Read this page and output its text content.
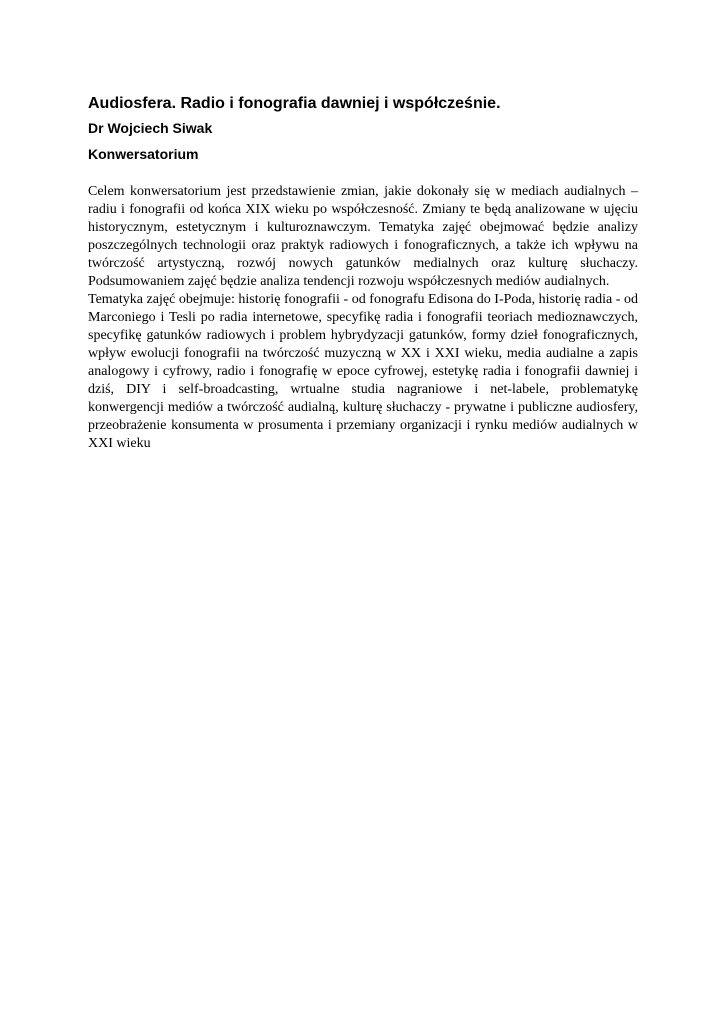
Audiosfera. Radio i fonografia dawniej i współcześnie.
Dr Wojciech Siwak
Konwersatorium

Celem konwersatorium jest przedstawienie zmian, jakie dokonały się w mediach audialnych – radiu i fonografii od końca XIX wieku po współczesność. Zmiany te będą analizowane w ujęciu historycznym, estetycznym i kulturoznawczym. Tematyka zajęć obejmować będzie analizy poszczególnych technologii oraz praktyk radiowych i fonograficznych, a także ich wpływu na twórczość artystyczną, rozwój nowych gatunków medialnych oraz kulturę słuchaczy. Podsumowaniem zajęć będzie analiza tendencji rozwoju współczesnych mediów audialnych.

Tematyka zajęć obejmuje: historię fonografii - od fonografu Edisona do I-Poda, historię radia - od Marconiego i Tesli po radia internetowe, specyfikę radia i fonografii teoriach medioznawczych, specyfikę gatunków radiowych i problem hybrydyzacji gatunków, formy dzieł fonograficznych, wpływ ewolucji fonografii na twórczość muzyczną w XX i XXI wieku, media audialne a zapis analogowy i cyfrowy, radio i fonografię w epoce cyfrowej, estetykę radia i fonografii dawniej i dziś, DIY i self-broadcasting, wrtualne studia nagraniowe i net-labele, problematykę konwergencji mediów a twórczość audialną, kulturę słuchaczy - prywatne i publiczne audiosfery, przeobrażenie konsumenta w prosumenta i przemiany organizacji i rynku mediów audialnych w XXI wieku
